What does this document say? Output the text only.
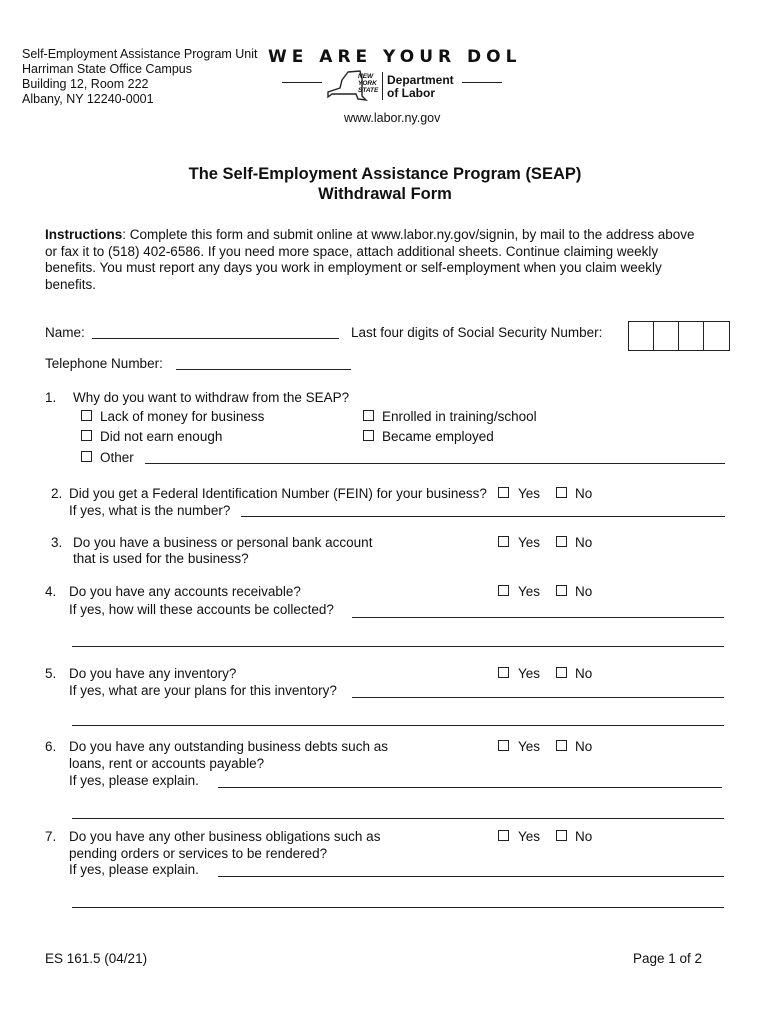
Self-Employment Assistance Program Unit
Harriman State Office Campus
Building 12, Room 222
Albany, NY 12240-0001
WE ARE YOUR DOL
NEW
YORK
STATE
Department
of Labor
www.labor.ny.gov
The Self-Employment Assistance Program (SEAP)
Withdrawal Form
Instructions: Complete this form and submit online at www.labor.ny.gov/signin, by mail to the address above
or fax it to (518) 402-6586. If you need more space, attach additional sheets. Continue claiming weekly
benefits. You must report any days you work in employment or self-employment when you claim weekly
benefits.
Name:	Last four digits of Social Security Number:
Telephone Number:
1. Why do you want to withdraw from the SEAP?
Lack of money for business	Enrolled in training/school
Did not earn enough	Became employed
Other
2. Did you get a Federal Identification Number (FEIN) for your business?
If yes, what is the number?
Yes	No
3. Do you have a business or personal bank account
that is used for the business?
Yes	No
4. Do you have any accounts receivable?
If yes, how will these accounts be collected?
Yes	No
5. Do you have any inventory?
If yes, what are your plans for this inventory?
Yes	No
6. Do you have any outstanding business debts such as
loans, rent or accounts payable?
If yes, please explain.
Yes	No
7. Do you have any other business obligations such as
pending orders or services to be rendered?
If yes, please explain.
Yes	No
ES 161.5 (04/21)	Page 1 of 2
